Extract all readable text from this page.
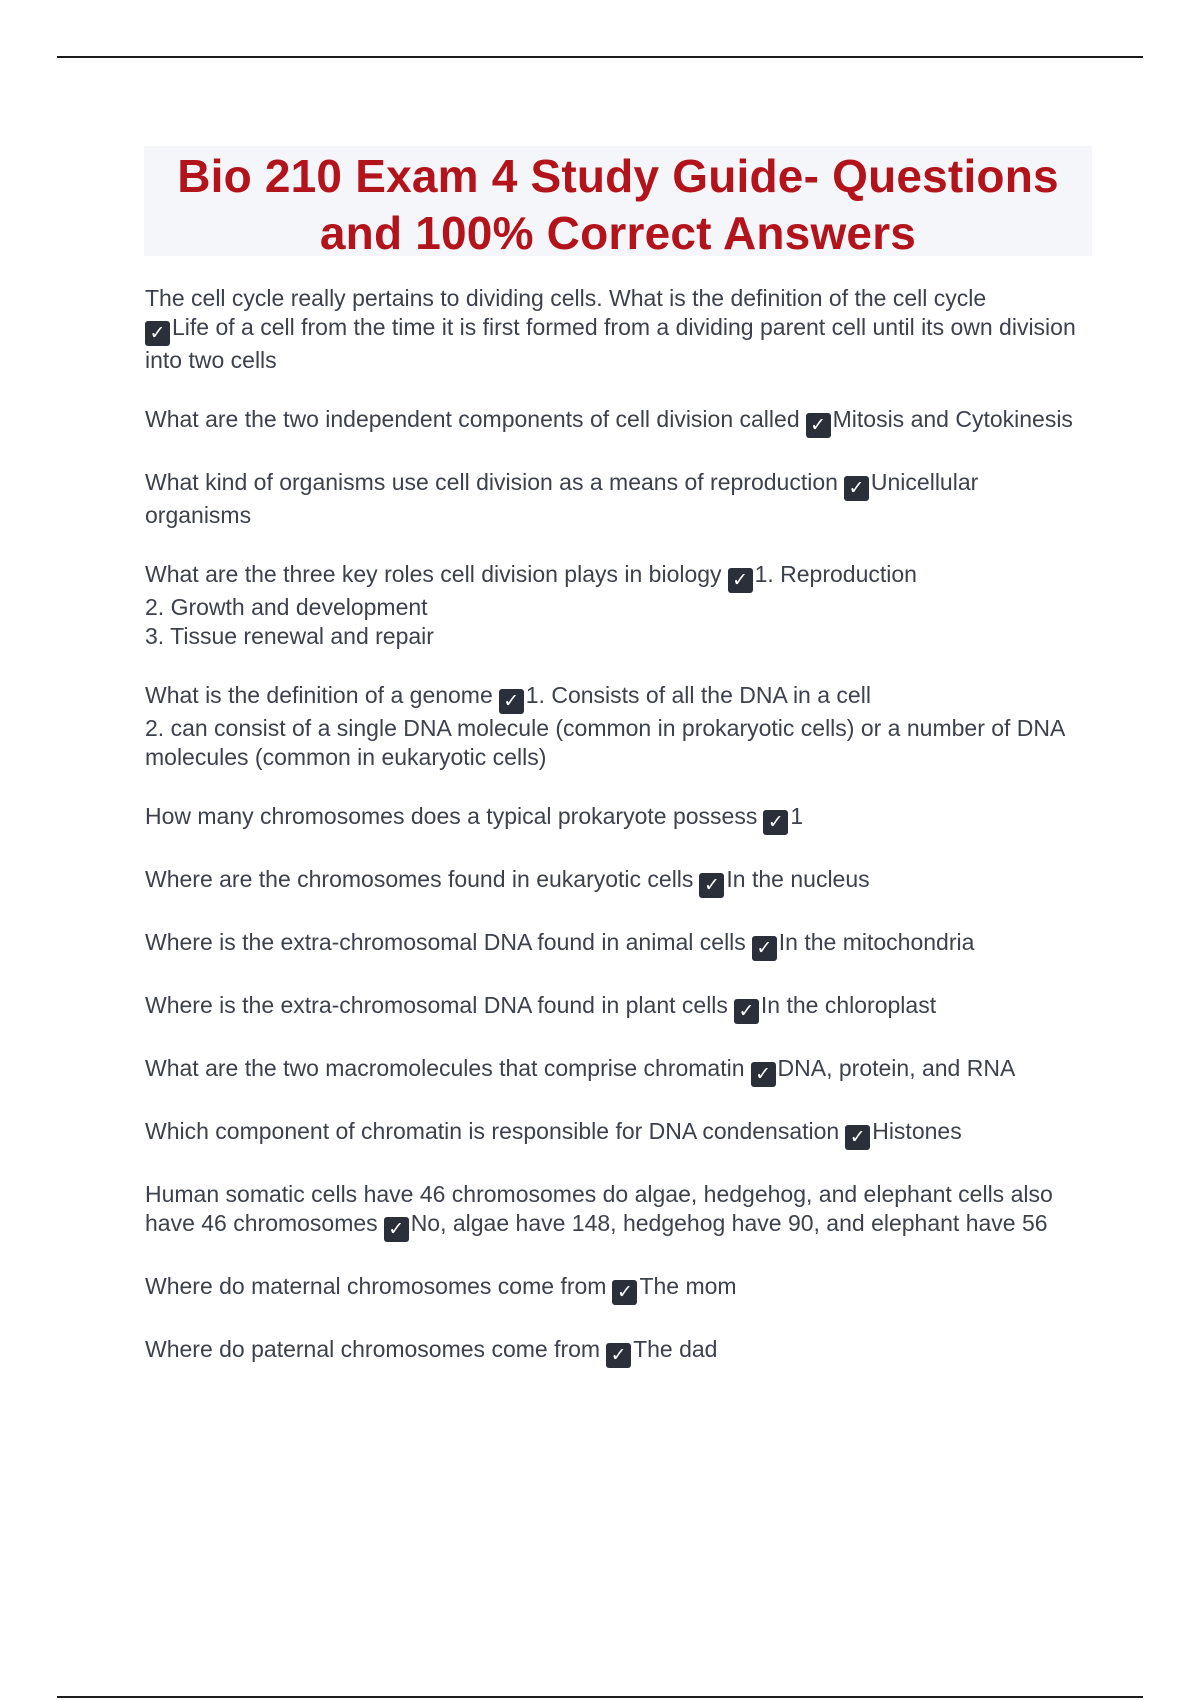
Bio 210 Exam 4 Study Guide- Questions
and 100% Correct Answers

The cell cycle really pertains to dividing cells. What is the definition of the cell cycle
✓ Life of a cell from the time it is first formed from a dividing parent cell until its own division into two cells

What are the two independent components of cell division called ✓ Mitosis and Cytokinesis

What kind of organisms use cell division as a means of reproduction ✓ Unicellular organisms

What are the three key roles cell division plays in biology ✓ 1. Reproduction
2. Growth and development
3. Tissue renewal and repair

What is the definition of a genome ✓ 1. Consists of all the DNA in a cell
2. can consist of a single DNA molecule (common in prokaryotic cells) or a number of DNA molecules (common in eukaryotic cells)

How many chromosomes does a typical prokaryote possess ✓ 1

Where are the chromosomes found in eukaryotic cells ✓ In the nucleus

Where is the extra-chromosomal DNA found in animal cells ✓ In the mitochondria

Where is the extra-chromosomal DNA found in plant cells ✓ In the chloroplast

What are the two macromolecules that comprise chromatin ✓ DNA, protein, and RNA

Which component of chromatin is responsible for DNA condensation ✓ Histones

Human somatic cells have 46 chromosomes do algae, hedgehog, and elephant cells also have 46 chromosomes ✓ No, algae have 148, hedgehog have 90, and elephant have 56

Where do maternal chromosomes come from ✓ The mom

Where do paternal chromosomes come from ✓ The dad
